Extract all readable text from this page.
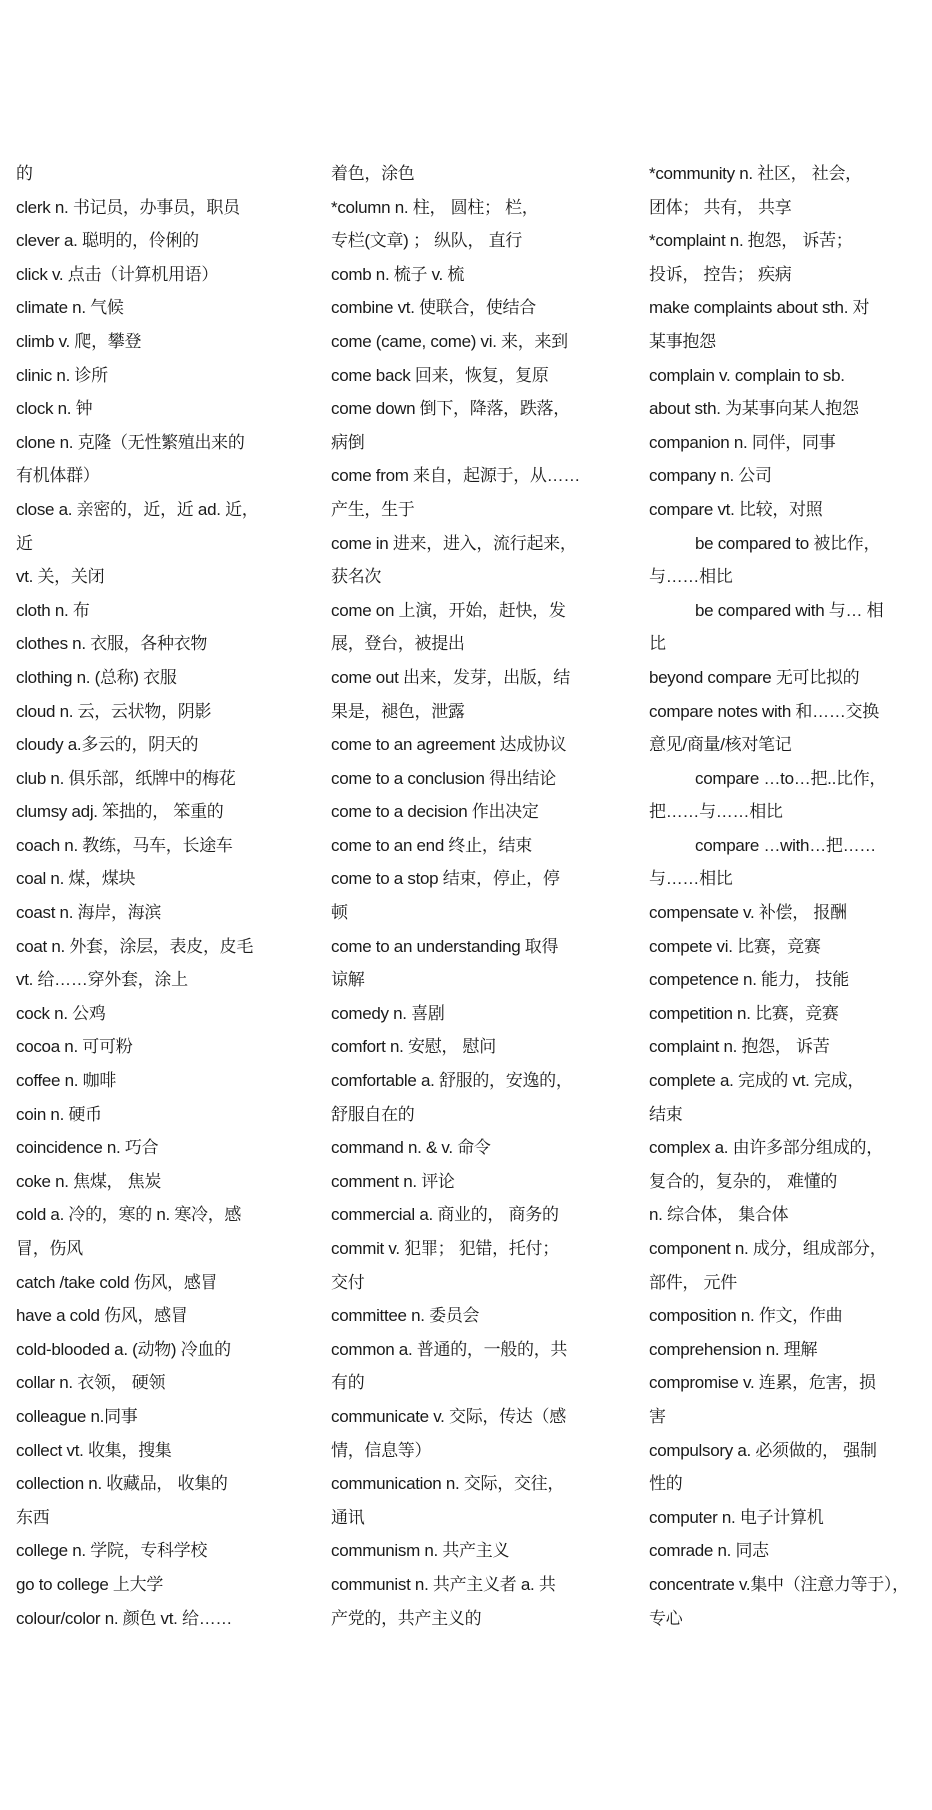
的
clerk n. 书记员，办事员，职员
clever a. 聪明的，伶俐的
click v. 点击（计算机用语）
climate n. 气候
climb v. 爬，攀登
clinic n. 诊所
clock n. 钟
clone n. 克隆（无性繁殖出来的
有机体群）
close a. 亲密的，近，近 ad. 近，
近
vt. 关，关闭
cloth n. 布
clothes n. 衣服，各种衣物
clothing n. (总称) 衣服
cloud n. 云，云状物，阴影
cloudy a.多云的，阴天的
club n. 俱乐部，纸牌中的梅花
clumsy adj. 笨拙的， 笨重的
coach n. 教练，马车，长途车
coal n. 煤，煤块
coast n. 海岸，海滨
coat n. 外套，涂层，表皮，皮毛
vt. 给……穿外套，涂上
cock n. 公鸡
cocoa n. 可可粉
coffee n. 咖啡
coin n. 硬币
coincidence n. 巧合
coke n. 焦煤， 焦炭
cold a. 冷的，寒的 n. 寒冷，感
冒，伤风
catch /take cold 伤风，感冒
have a cold 伤风，感冒
cold-blooded a. (动物) 冷血的
collar n. 衣领， 硬领
colleague n.同事
collect vt. 收集，搜集
collection n. 收藏品， 收集的
东西
college n. 学院，专科学校
go to college 上大学
colour/color n. 颜色 vt. 给……
着色，涂色
*column n. 柱， 圆柱； 栏，
专栏(文章) ； 纵队， 直行
comb n. 梳子 v. 梳
combine vt. 使联合，使结合
come (came, come) vi. 来，来到
come back 回来，恢复，复原
come down 倒下，降落，跌落，
病倒
come from 来自，起源于，从……
产生，生于
come in 进来，进入，流行起来，
获名次
come on 上演，开始，赶快，发
展，登台，被提出
come out 出来，发芽，出版，结
果是，褪色，泄露
come to an agreement 达成协议
come to a conclusion 得出结论
come to a decision 作出决定
come to an end 终止，结束
come to a stop 结束，停止，停
顿
come to an understanding 取得
谅解
comedy n. 喜剧
comfort n. 安慰， 慰问
comfortable a. 舒服的，安逸的，
舒服自在的
command n. & v. 命令
comment n. 评论
commercial a. 商业的， 商务的
commit v. 犯罪； 犯错，托付；
交付
committee n. 委员会
common a. 普通的，一般的，共
有的
communicate v. 交际，传达（感
情，信息等）
communication n. 交际，交往，
通讯
communism n. 共产主义
communist n. 共产主义者 a. 共
产党的，共产主义的
*community n. 社区， 社会，
团体； 共有， 共享
*complaint n. 抱怨， 诉苦；
投诉， 控告； 疾病
make complaints about sth. 对
某事抱怨
complain v. complain to sb.
about sth. 为某事向某人抱怨
companion n. 同伴，同事
company n. 公司
compare vt. 比较，对照
be compared to 被比作，
与……相比
be compared with 与… 相
比
beyond compare 无可比拟的
compare notes with 和……交换
意见/商量/核对笔记
compare …to…把..比作，
把……与……相比
compare …with…把……
与……相比
compensate v. 补偿， 报酬
compete vi. 比赛，竞赛
competence n. 能力， 技能
competition n. 比赛，竞赛
complaint n. 抱怨， 诉苦
complete a. 完成的 vt. 完成，
结束
complex a. 由许多部分组成的，
复合的，复杂的， 难懂的
n. 综合体， 集合体
component n. 成分，组成部分，
部件， 元件
composition n. 作文，作曲
comprehension n. 理解
compromise v. 连累，危害，损
害
compulsory a. 必须做的， 强制
性的
computer n. 电子计算机
comrade n. 同志
concentrate v.集中（注意力等于），
专心
